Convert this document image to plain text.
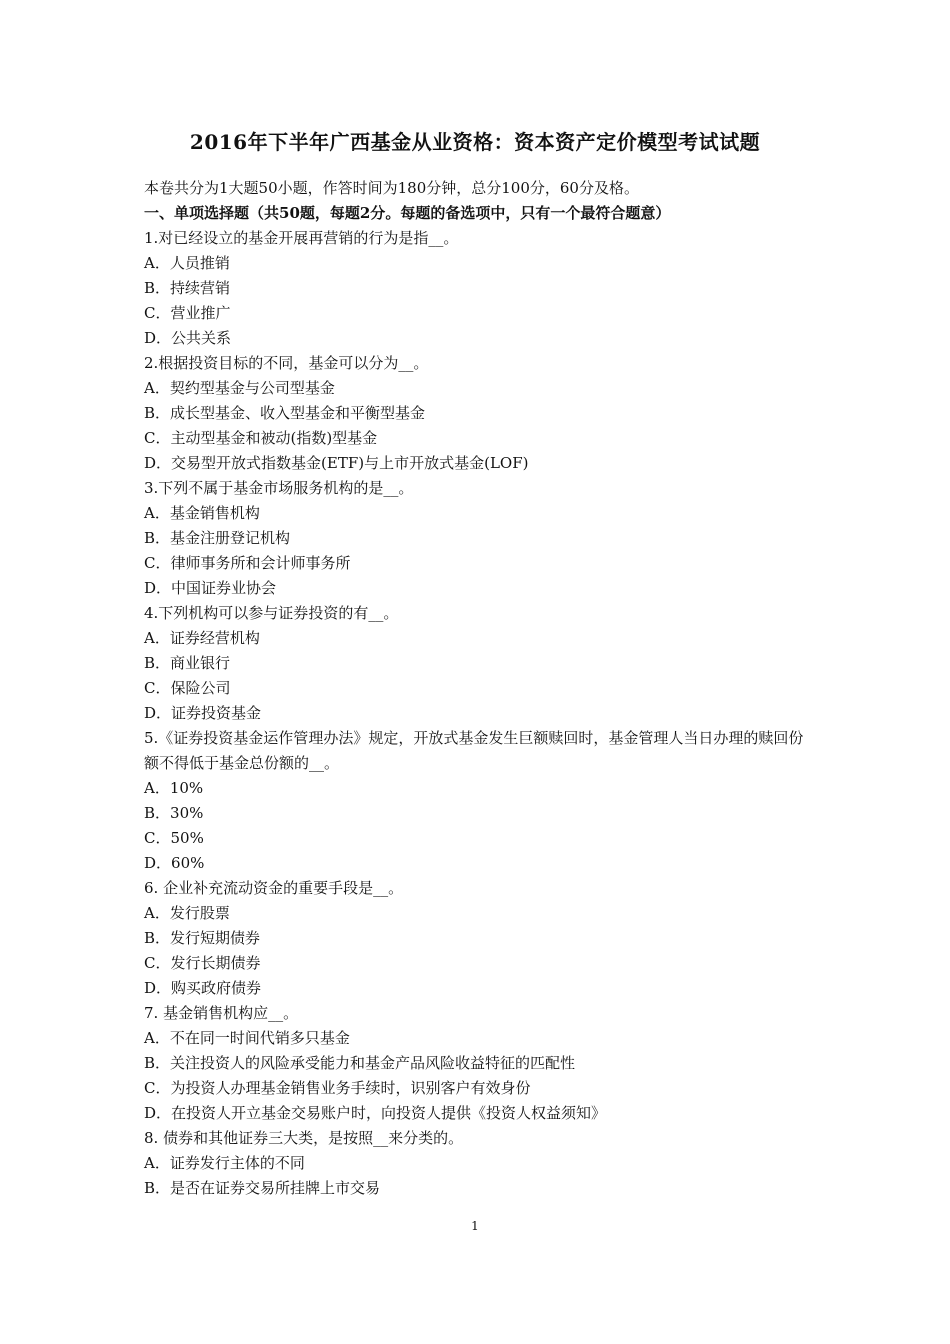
2016年下半年广西基金从业资格：资本资产定价模型考试试题
本卷共分为1大题50小题，作答时间为180分钟，总分100分，60分及格。
一、单项选择题（共50题，每题2分。每题的备选项中，只有一个最符合题意）
1.对已经设立的基金开展再营销的行为是指__。
A．人员推销
B．持续营销
C．营业推广
D．公共关系
2.根据投资目标的不同，基金可以分为__。
A．契约型基金与公司型基金
B．成长型基金、收入型基金和平衡型基金
C．主动型基金和被动(指数)型基金
D．交易型开放式指数基金(ETF)与上市开放式基金(LOF)
3.下列不属于基金市场服务机构的是__。
A．基金销售机构
B．基金注册登记机构
C．律师事务所和会计师事务所
D．中国证券业协会
4.下列机构可以参与证券投资的有__。
A．证券经营机构
B．商业银行
C．保险公司
D．证券投资基金
5.《证券投资基金运作管理办法》规定，开放式基金发生巨额赎回时，基金管理人当日办理的赎回份额不得低于基金总份额的__。
A．10%
B．30%
C．50%
D．60%
6. 企业补充流动资金的重要手段是__。
A．发行股票
B．发行短期债券
C．发行长期债券
D．购买政府债券
7. 基金销售机构应__。
A．不在同一时间代销多只基金
B．关注投资人的风险承受能力和基金产品风险收益特征的匹配性
C．为投资人办理基金销售业务手续时，识别客户有效身份
D．在投资人开立基金交易账户时，向投资人提供《投资人权益须知》
8. 债券和其他证券三大类，是按照__来分类的。
A．证券发行主体的不同
B．是否在证券交易所挂牌上市交易
1
